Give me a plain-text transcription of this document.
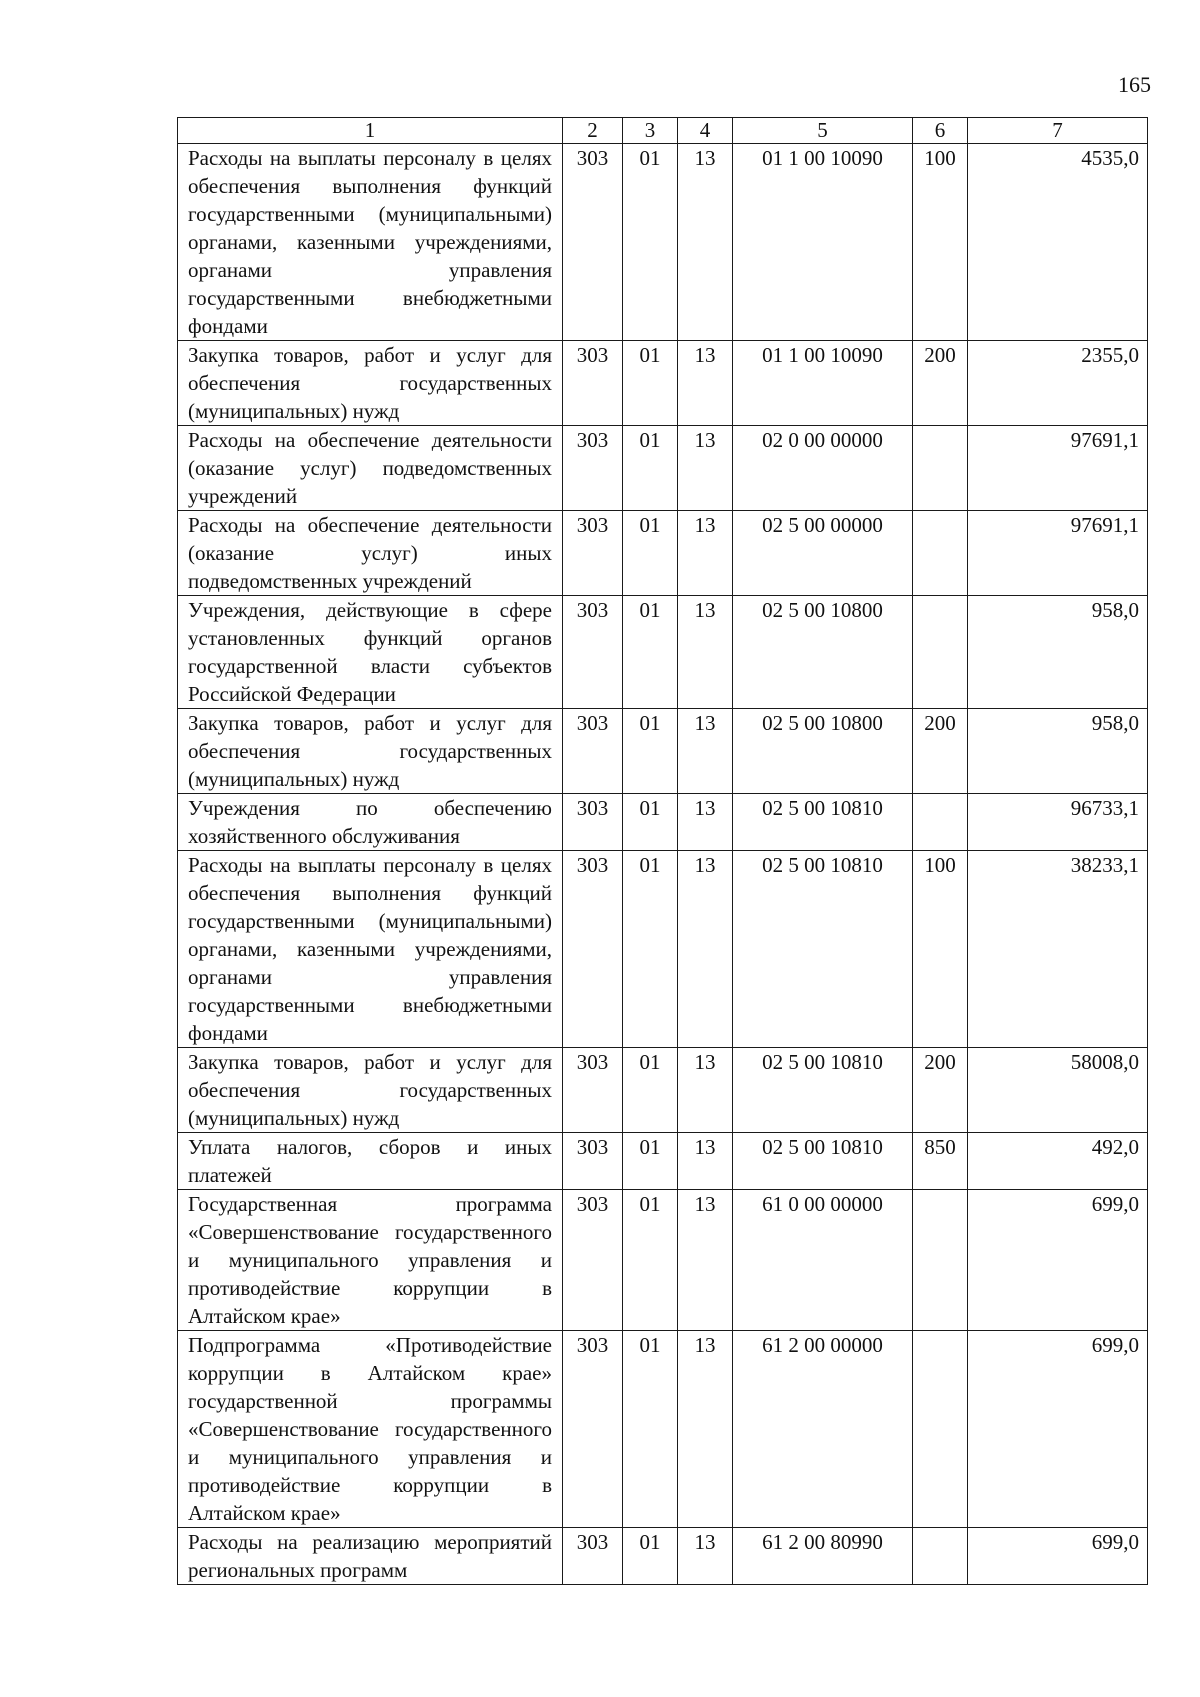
165
1	2	3	4	5	6	7
Расходы на выплаты персоналу в целях обеспечения выполнения функций государственными (муниципальными) органами, казенными учреждениями, органами управления государственными внебюджетными фондами	303	01	13	01 1 00 10090	100	4535,0
Закупка товаров, работ и услуг для обеспечения государственных (муниципальных) нужд	303	01	13	01 1 00 10090	200	2355,0
Расходы на обеспечение деятельности (оказание услуг) подведомственных учреждений	303	01	13	02 0 00 00000		97691,1
Расходы на обеспечение деятельности (оказание услуг) иных подведомственных учреждений	303	01	13	02 5 00 00000		97691,1
Учреждения, действующие в сфере установленных функций органов государственной власти субъектов Российской Федерации	303	01	13	02 5 00 10800		958,0
Закупка товаров, работ и услуг для обеспечения государственных (муниципальных) нужд	303	01	13	02 5 00 10800	200	958,0
Учреждения по обеспечению хозяйственного обслуживания	303	01	13	02 5 00 10810		96733,1
Расходы на выплаты персоналу в целях обеспечения выполнения функций государственными (муниципальными) органами, казенными учреждениями, органами управления государственными внебюджетными фондами	303	01	13	02 5 00 10810	100	38233,1
Закупка товаров, работ и услуг для обеспечения государственных (муниципальных) нужд	303	01	13	02 5 00 10810	200	58008,0
Уплата налогов, сборов и иных платежей	303	01	13	02 5 00 10810	850	492,0
Государственная программа «Совершенствование государственного и муниципального управления и противодействие коррупции в Алтайском крае»	303	01	13	61 0 00 00000		699,0
Подпрограмма «Противодействие коррупции в Алтайском крае» государственной программы «Совершенствование государственного и муниципального управления и противодействие коррупции в Алтайском крае»	303	01	13	61 2 00 00000		699,0
Расходы на реализацию мероприятий региональных программ	303	01	13	61 2 00 80990		699,0
